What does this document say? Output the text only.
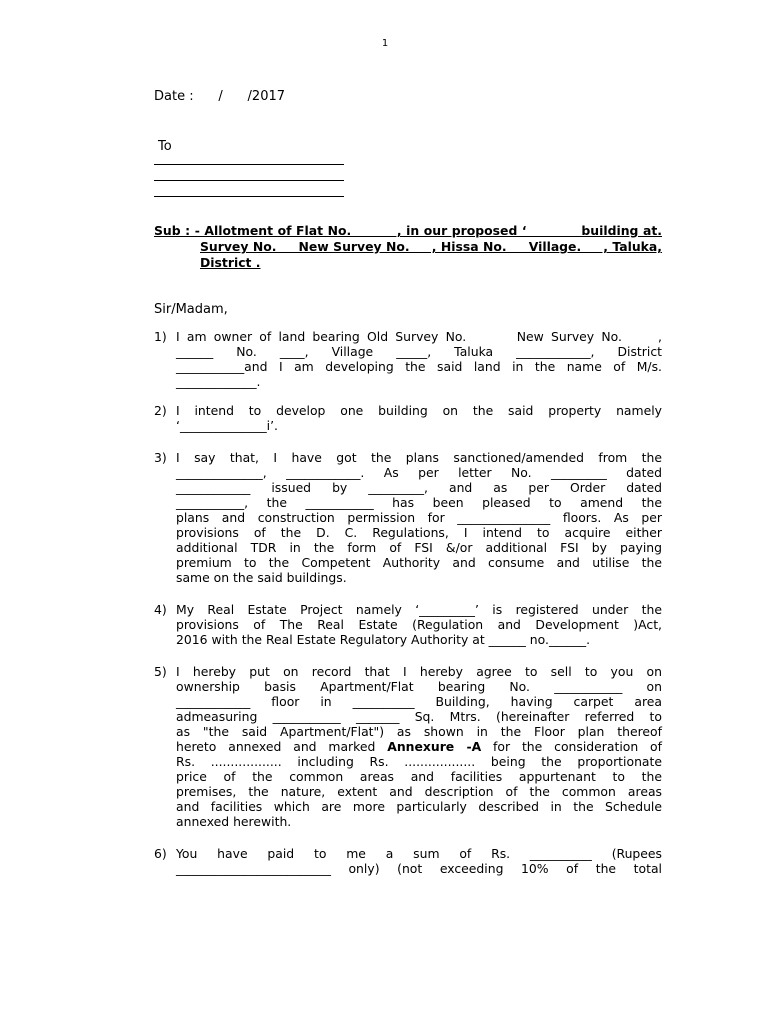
1
Date :      /      /2017
To
Sub : - Allotment of Flat No.          , in our proposed ‘            building at.
Survey No.     New Survey No.     , Hissa No.     Village.     , Taluka,
District .
Sir/Madam,
1) I am owner of land bearing Old Survey No.       New Survey No.     ,
______ No. ____, Village _____, Taluka ____________, District
___________and I am developing the said land in the name of M/s.
_____________.
2) I intend to develop one building on the said property namely
‘______________i’.
3) I say that, I have got the plans sanctioned/amended from the
______________, ____________. As per letter No. _________ dated
____________ issued by _________, and as per Order dated
___________, the ___________ has been pleased to amend the
plans and construction permission for _______________ floors. As per
provisions of the D. C. Regulations, I intend to acquire either
additional TDR in the form of FSI &/or additional FSI by paying
premium to the Competent Authority and consume and utilise the
same on the said buildings.
4) My Real Estate Project namely ‘_________’ is registered under the
provisions of The Real Estate (Regulation and Development )Act,
2016 with the Real Estate Regulatory Authority at ______ no.______.
5) I hereby put on record that I hereby agree to sell to you on
ownership basis Apartment/Flat bearing No. ___________ on
____________ floor in __________ Building, having carpet area
admeasuring ___________ _______ Sq. Mtrs. (hereinafter referred to
as "the said Apartment/Flat") as shown in the Floor plan thereof
hereto annexed and marked Annexure -A for the consideration of
Rs. .................. including Rs. .................. being the proportionate
price of the common areas and facilities appurtenant to the
premises, the nature, extent and description of the common areas
and facilities which are more particularly described in the Schedule
annexed herewith.
6) You have paid to me a sum of Rs. __________ (Rupees
_________________________ only) (not exceeding 10% of the total
